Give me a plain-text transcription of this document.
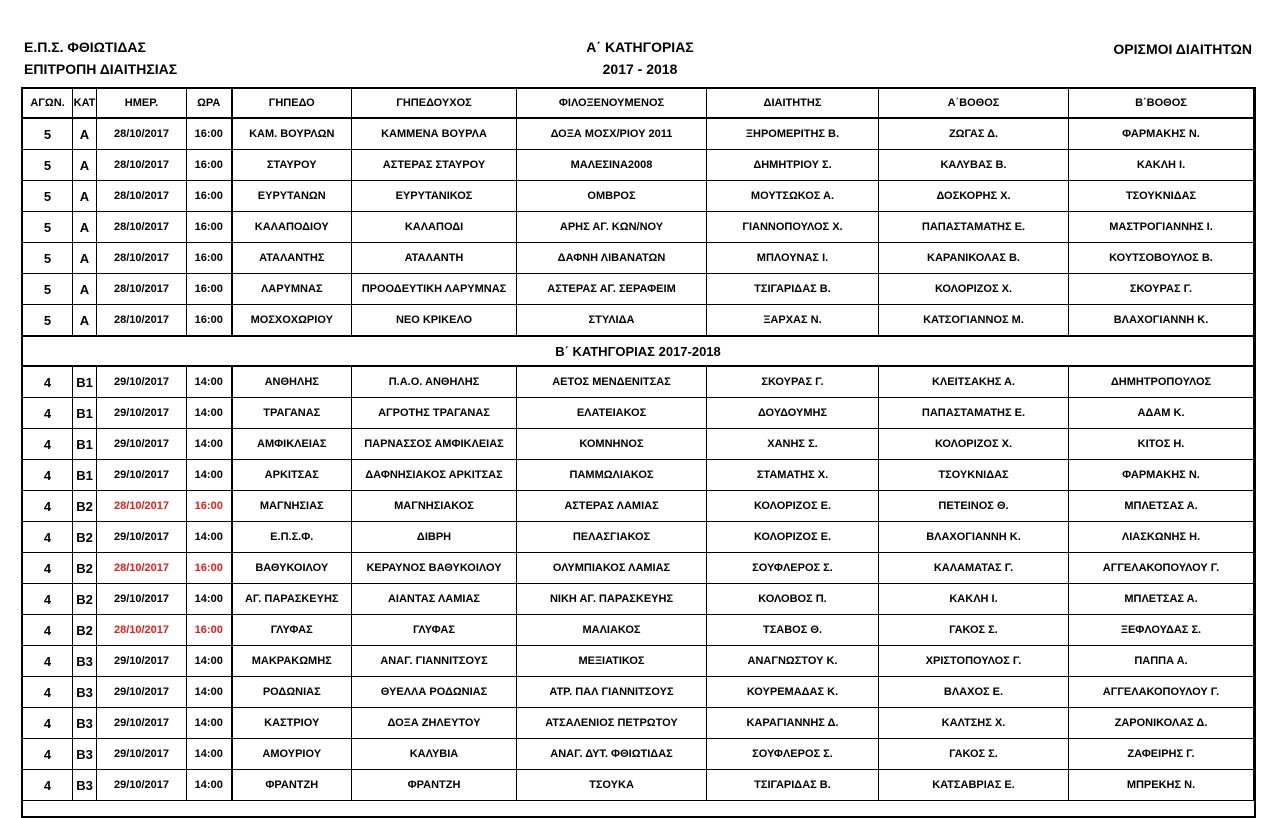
Ε.Π.Σ. ΦΘΙΩΤΙΔΑΣ
ΕΠΙΤΡΟΠΗ ΔΙΑΙΤΗΣΙΑΣ
Α΄ ΚΑΤΗΓΟΡΙΑΣ
2017 - 2018
ΟΡΙΣΜΟΙ ΔΙΑΙΤΗΤΩΝ
ΑΓΩΝ.	ΚΑΤ	ΗΜΕΡ.	ΩΡΑ	ΓΗΠΕΔΟ	ΓΗΠΕΔΟΥΧΟΣ	ΦΙΛΟΞΕΝΟΥΜΕΝΟΣ	ΔΙΑΙΤΗΤΗΣ	Α΄ΒΟΘΟΣ	Β΄ΒΟΘΟΣ
5	Α	28/10/2017	16:00	ΚΑΜ. ΒΟΥΡΛΩΝ	ΚΑΜΜΕΝΑ ΒΟΥΡΛΑ	ΔΟΞΑ ΜΟΣΧ/ΡΙΟΥ 2011	ΞΗΡΟΜΕΡΙΤΗΣ Β.	ΖΩΓΑΣ Δ.	ΦΑΡΜΑΚΗΣ Ν.
5	Α	28/10/2017	16:00	ΣΤΑΥΡΟΥ	ΑΣΤΕΡΑΣ ΣΤΑΥΡΟΥ	ΜΑΛΕΣΙΝΑ2008	ΔΗΜΗΤΡΙΟΥ Σ.	ΚΑΛΥΒΑΣ Β.	ΚΑΚΛΗ Ι.
5	Α	28/10/2017	16:00	ΕΥΡΥΤΑΝΩΝ	ΕΥΡΥΤΑΝΙΚΟΣ	ΟΜΒΡΟΣ	ΜΟΥΤΣΩΚΟΣ Α.	ΔΟΣΚΟΡΗΣ Χ.	ΤΣΟΥΚΝΙΔΑΣ
5	Α	28/10/2017	16:00	ΚΑΛΑΠΟΔΙΟΥ	ΚΑΛΑΠΟΔΙ	ΑΡΗΣ ΑΓ. ΚΩΝ/ΝΟΥ	ΓΙΑΝΝΟΠΟΥΛΟΣ Χ.	ΠΑΠΑΣΤΑΜΑΤΗΣ Ε.	ΜΑΣΤΡΟΓΙΑΝΝΗΣ Ι.
5	Α	28/10/2017	16:00	ΑΤΑΛΑΝΤΗΣ	ΑΤΑΛΑΝΤΗ	ΔΑΦΝΗ ΛΙΒΑΝΑΤΩΝ	ΜΠΛΟΥΝΑΣ Ι.	ΚΑΡΑΝΙΚΟΛΑΣ Β.	ΚΟΥΤΣΟΒΟΥΛΟΣ Β.
5	Α	28/10/2017	16:00	ΛΑΡΥΜΝΑΣ	ΠΡΟΟΔΕΥΤΙΚΗ ΛΑΡΥΜΝΑΣ	ΑΣΤΕΡΑΣ ΑΓ. ΣΕΡΑΦΕΙΜ	ΤΣΙΓΑΡΙΔΑΣ Β.	ΚΟΛΟΡΙΖΟΣ Χ.	ΣΚΟΥΡΑΣ Γ.
5	Α	28/10/2017	16:00	ΜΟΣΧΟΧΩΡΙΟΥ	ΝΕΟ ΚΡΙΚΕΛΟ	ΣΤΥΛΙΔΑ	ΞΑΡΧΑΣ Ν.	ΚΑΤΣΟΓΙΑΝΝΟΣ Μ.	ΒΛΑΧΟΓΙΑΝΝΗ Κ.
Β΄ ΚΑΤΗΓΟΡΙΑΣ 2017-2018									
4	Β1	29/10/2017	14:00	ΑΝΘΗΛΗΣ	Π.Α.Ο. ΑΝΘΗΛΗΣ	ΑΕΤΟΣ ΜΕΝΔΕΝΙΤΣΑΣ	ΣΚΟΥΡΑΣ Γ.	ΚΛΕΙΤΣΑΚΗΣ Α.	ΔΗΜΗΤΡΟΠΟΥΛΟΣ
4	Β1	29/10/2017	14:00	ΤΡΑΓΑΝΑΣ	ΑΓΡΟΤΗΣ ΤΡΑΓΑΝΑΣ	ΕΛΑΤΕΙΑΚΟΣ	ΔΟΥΔΟΥΜΗΣ	ΠΑΠΑΣΤΑΜΑΤΗΣ Ε.	ΑΔΑΜ Κ.
4	Β1	29/10/2017	14:00	ΑΜΦΙΚΛΕΙΑΣ	ΠΑΡΝΑΣΣΟΣ ΑΜΦΙΚΛΕΙΑΣ	ΚΟΜΝΗΝΟΣ	ΧΑΝΗΣ Σ.	ΚΟΛΟΡΙΖΟΣ Χ.	ΚΙΤΟΣ Η.
4	Β1	29/10/2017	14:00	ΑΡΚΙΤΣΑΣ	ΔΑΦΝΗΣΙΑΚΟΣ ΑΡΚΙΤΣΑΣ	ΠΑΜΜΩΛΙΑΚΟΣ	ΣΤΑΜΑΤΗΣ Χ.	ΤΣΟΥΚΝΙΔΑΣ	ΦΑΡΜΑΚΗΣ Ν.
4	Β2	28/10/2017	16:00	ΜΑΓΝΗΣΙΑΣ	ΜΑΓΝΗΣΙΑΚΟΣ	ΑΣΤΕΡΑΣ ΛΑΜΙΑΣ	ΚΟΛΟΡΙΖΟΣ Ε.	ΠΕΤΕΙΝΟΣ Θ.	ΜΠΛΕΤΣΑΣ Α.
4	Β2	29/10/2017	14:00	Ε.Π.Σ.Φ.	ΔΙΒΡΗ	ΠΕΛΑΣΓΙΑΚΟΣ	ΚΟΛΟΡΙΖΟΣ Ε.	ΒΛΑΧΟΓΙΑΝΝΗ Κ.	ΛΙΑΣΚΩΝΗΣ Η.
4	Β2	28/10/2017	16:00	ΒΑΘΥΚΟΙΛΟΥ	ΚΕΡΑΥΝΟΣ ΒΑΘΥΚΟΙΛΟΥ	ΟΛΥΜΠΙΑΚΟΣ ΛΑΜΙΑΣ	ΣΟΥΦΛΕΡΟΣ Σ.	ΚΑΛΑΜΑΤΑΣ Γ.	ΑΓΓΕΛΑΚΟΠΟΥΛΟΥ Γ.
4	Β2	29/10/2017	14:00	ΑΓ. ΠΑΡΑΣΚΕΥΗΣ	ΑΙΑΝΤΑΣ ΛΑΜΙΑΣ	ΝΙΚΗ ΑΓ. ΠΑΡΑΣΚΕΥΗΣ	ΚΟΛΟΒΟΣ Π.	ΚΑΚΛΗ Ι.	ΜΠΛΕΤΣΑΣ Α.
4	Β2	28/10/2017	16:00	ΓΛΥΦΑΣ	ΓΛΥΦΑΣ	ΜΑΛΙΑΚΟΣ	ΤΣΑΒΟΣ Θ.	ΓΑΚΟΣ Σ.	ΞΕΦΛΟΥΔΑΣ Σ.
4	Β3	29/10/2017	14:00	ΜΑΚΡΑΚΩΜΗΣ	ΑΝΑΓ. ΓΙΑΝΝΙΤΣΟΥΣ	ΜΕΞΙΑΤΙΚΟΣ	ΑΝΑΓΝΩΣΤΟΥ Κ.	ΧΡΙΣΤΟΠΟΥΛΟΣ Γ.	ΠΑΠΠΑ Α.
4	Β3	29/10/2017	14:00	ΡΟΔΩΝΙΑΣ	ΘΥΕΛΛΑ ΡΟΔΩΝΙΑΣ	ΑΤΡ. ΠΑΛ ΓΙΑΝΝΙΤΣΟΥΣ	ΚΟΥΡΕΜΑΔΑΣ Κ.	ΒΛΑΧΟΣ Ε.	ΑΓΓΕΛΑΚΟΠΟΥΛΟΥ Γ.
4	Β3	29/10/2017	14:00	ΚΑΣΤΡΙΟΥ	ΔΟΞΑ ΖΗΛΕΥΤΟΥ	ΑΤΣΑΛΕΝΙΟΣ ΠΕΤΡΩΤΟΥ	ΚΑΡΑΓΙΑΝΝΗΣ Δ.	ΚΑΛΤΣΗΣ Χ.	ΖΑΡΟΝΙΚΟΛΑΣ Δ.
4	Β3	29/10/2017	14:00	ΑΜΟΥΡΙΟΥ	ΚΑΛΥΒΙΑ	ΑΝΑΓ. ΔΥΤ. ΦΘΙΩΤΙΔΑΣ	ΣΟΥΦΛΕΡΟΣ Σ.	ΓΑΚΟΣ Σ.	ΖΑΦΕΙΡΗΣ Γ.
4	Β3	29/10/2017	14:00	ΦΡΑΝΤΖΗ	ΦΡΑΝΤΖΗ	ΤΣΟΥΚΑ	ΤΣΙΓΑΡΙΔΑΣ Β.	ΚΑΤΣΑΒΡΙΑΣ Ε.	ΜΠΡΕΚΗΣ Ν.
